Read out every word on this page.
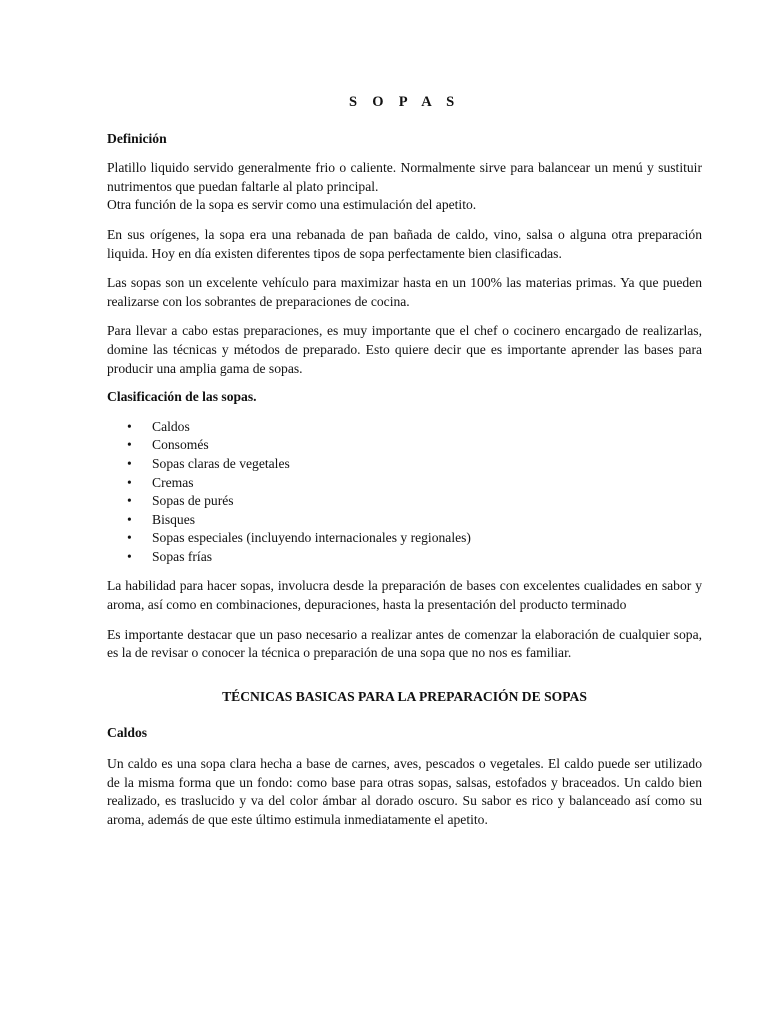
S O P A S
Definición

Platillo liquido servido generalmente frio o caliente. Normalmente sirve para balancear un menú y sustituir nutrimentos que puedan faltarle al plato principal.
Otra función de la sopa es servir como una estimulación del apetito.

En sus orígenes, la sopa era una rebanada de pan bañada de caldo, vino, salsa o alguna otra preparación liquida. Hoy en día existen diferentes tipos de sopa perfectamente bien clasificadas.

Las sopas son un excelente vehículo para maximizar hasta en un 100% las materias primas. Ya que pueden realizarse con los sobrantes de preparaciones de cocina.

Para llevar a cabo estas preparaciones, es muy importante que el chef o cocinero encargado de realizarlas, domine las técnicas y métodos de preparado. Esto quiere decir que es importante aprender las bases para producir una amplia gama de sopas.

Clasificación de las sopas.
• Caldos
• Consomés
• Sopas claras de vegetales
• Cremas
• Sopas de purés
• Bisques
• Sopas especiales (incluyendo internacionales y regionales)
• Sopas frías

La habilidad para hacer sopas, involucra desde la preparación de bases con excelentes cualidades en sabor y aroma, así como en combinaciones, depuraciones, hasta la presentación del producto terminado

Es importante destacar que un paso necesario a realizar antes de comenzar la elaboración de cualquier sopa, es la de revisar o conocer la técnica o preparación de una sopa que no nos es familiar.

TÉCNICAS BASICAS PARA LA PREPARACIÓN DE SOPAS
Caldos

Un caldo es una sopa clara hecha a base de carnes, aves, pescados o vegetales. El caldo puede ser utilizado de la misma forma que un fondo: como base para otras sopas, salsas, estofados y braceados. Un caldo bien realizado, es traslucido y va del color ámbar al dorado oscuro. Su sabor es rico y balanceado así como su aroma, además de que este último estimula inmediatamente el apetito.
